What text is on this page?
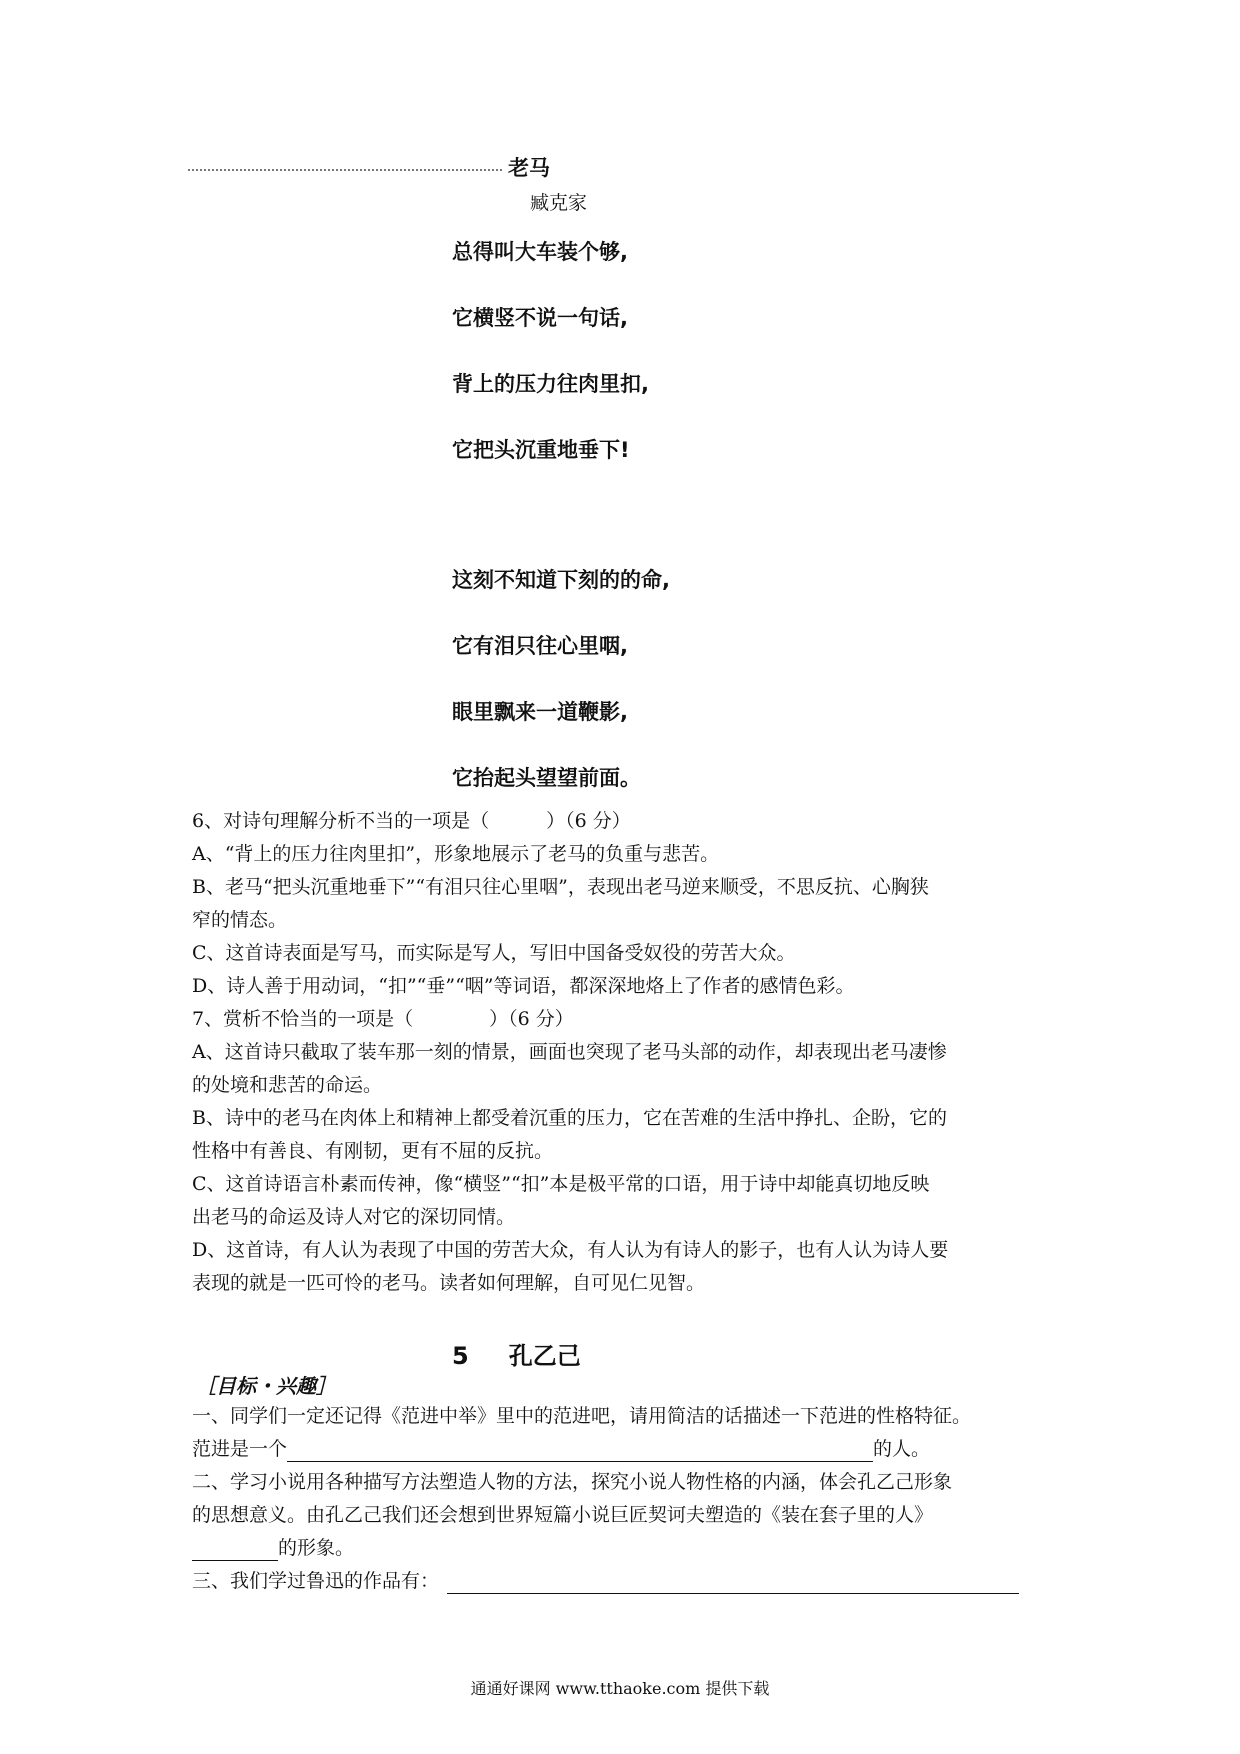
老马
臧克家
总得叫大车装个够,
它横竖不说一句话,
背上的压力往肉里扣,
它把头沉重地垂下!
这刻不知道下刻的的命,
它有泪只往心里咽,
眼里飘来一道鞭影,
它抬起头望望前面。
6、对诗句理解分析不当的一项是（　　　）（6 分）
A、“背上的压力往肉里扣”，形象地展示了老马的负重与悲苦。
B、老马“把头沉重地垂下”“有泪只往心里咽”，表现出老马逆来顺受，不思反抗、心胸狭
窄的情态。
C、这首诗表面是写马，而实际是写人，写旧中国备受奴役的劳苦大众。
D、诗人善于用动词，“扣”“垂”“咽”等词语，都深深地烙上了作者的感情色彩。
7、赏析不恰当的一项是（　　　　）（6 分）
A、这首诗只截取了装车那一刻的情景，画面也突现了老马头部的动作，却表现出老马凄惨
的处境和悲苦的命运。
B、诗中的老马在肉体上和精神上都受着沉重的压力，它在苦难的生活中挣扎、企盼，它的
性格中有善良、有刚韧，更有不屈的反抗。
C、这首诗语言朴素而传神，像“横竖”“扣”本是极平常的口语，用于诗中却能真切地反映
出老马的命运及诗人对它的深切同情。
D、这首诗，有人认为表现了中国的劳苦大众，有人认为有诗人的影子，也有人认为诗人要
表现的就是一匹可怜的老马。读者如何理解，自可见仁见智。
5 孔乙己
［目标・兴趣］
一、同学们一定还记得《范进中举》里中的范进吧，请用简洁的话描述一下范进的性格特征。
范进是一个	的人。
二、学习小说用各种描写方法塑造人物的方法，探究小说人物性格的内涵，体会孔乙己形象
的思想意义。由孔乙己我们还会想到世界短篇小说巨匠契诃夫塑造的《装在套子里的人》
的形象。
三、我们学过鲁迅的作品有：
通通好课网 www.tthaoke.com 提供下载
